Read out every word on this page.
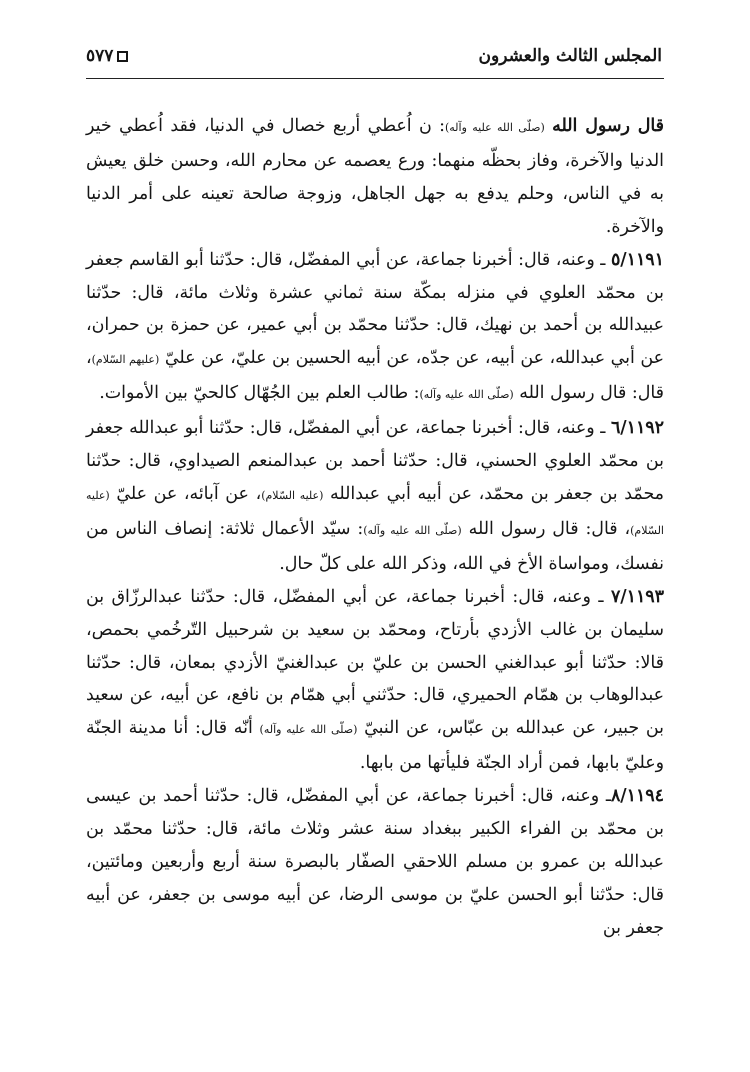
المجلس الثالث والعشرون
٥٧٧

قال رسول الله (صلّى الله عليه وآله): ن اُعطي أربع خصال في الدنيا، فقد اُعطي خير الدنيا والآخرة، وفاز بحظّه منهما: ورع يعصمه عن محارم الله، وحسن خلق يعيش به في الناس، وحلم يدفع به جهل الجاهل، وزوجة صالحة تعينه على أمر الدنيا والآخرة.

٥/١١٩١ ـ وعنه، قال: أخبرنا جماعة، عن أبي المفضّل، قال: حدّثنا أبو القاسم جعفر بن محمّد العلوي في منزله بمكّة سنة ثماني عشرة وثلاث مائة، قال: حدّثنا عبيدالله بن أحمد بن نهيك، قال: حدّثنا محمّد بن أبي عمير، عن حمزة بن حمران، عن أبي عبدالله، عن أبيه، عن جدّه، عن أبيه الحسين بن عليّ، عن عليّ (عليهم السّلام)، قال: قال رسول الله (صلّى الله عليه وآله): طالب العلم بين الجُهّال كالحيّ بين الأموات.

٦/١١٩٢ ـ وعنه، قال: أخبرنا جماعة، عن أبي المفضّل، قال: حدّثنا أبو عبدالله جعفر بن محمّد العلوي الحسني، قال: حدّثنا أحمد بن عبدالمنعم الصيداوي، قال: حدّثنا محمّد بن جعفر بن محمّد، عن أبيه أبي عبدالله (عليه السّلام)، عن آبائه، عن عليّ (عليه السّلام)، قال: قال رسول الله (صلّى الله عليه وآله): سيّد الأعمال ثلاثة: إنصاف الناس من نفسك، ومواساة الأخ في الله، وذكر الله على كلّ حال.

٧/١١٩٣ ـ وعنه، قال: أخبرنا جماعة، عن أبي المفضّل، قال: حدّثنا عبدالرزّاق بن سليمان بن غالب الأزدي بأرتاح، ومحمّد بن سعيد بن شرحبيل التّرخُمي بحمص، قالا: حدّثنا أبو عبدالغني الحسن بن عليّ بن عبدالغنيّ الأزدي بمعان، قال: حدّثنا عبدالوهاب بن همّام الحميري، قال: حدّثني أبي همّام بن نافع، عن أبيه، عن سعيد بن جبير، عن عبدالله بن عبّاس، عن النبيّ (صلّى الله عليه وآله) أنّه قال: أنا مدينة الجنّة وعليّ بابها، فمن أراد الجنّة فليأتها من بابها.

٨/١١٩٤ـ وعنه، قال: أخبرنا جماعة، عن أبي المفضّل، قال: حدّثنا أحمد بن عيسى بن محمّد بن الفراء الكبير ببغداد سنة عشر وثلاث مائة، قال: حدّثنا محمّد بن عبدالله بن عمرو بن مسلم اللاحقي الصفّار بالبصرة سنة أربع وأربعين ومائتين، قال: حدّثنا أبو الحسن عليّ بن موسى الرضا، عن أبيه موسى بن جعفر، عن أبيه جعفر بن
